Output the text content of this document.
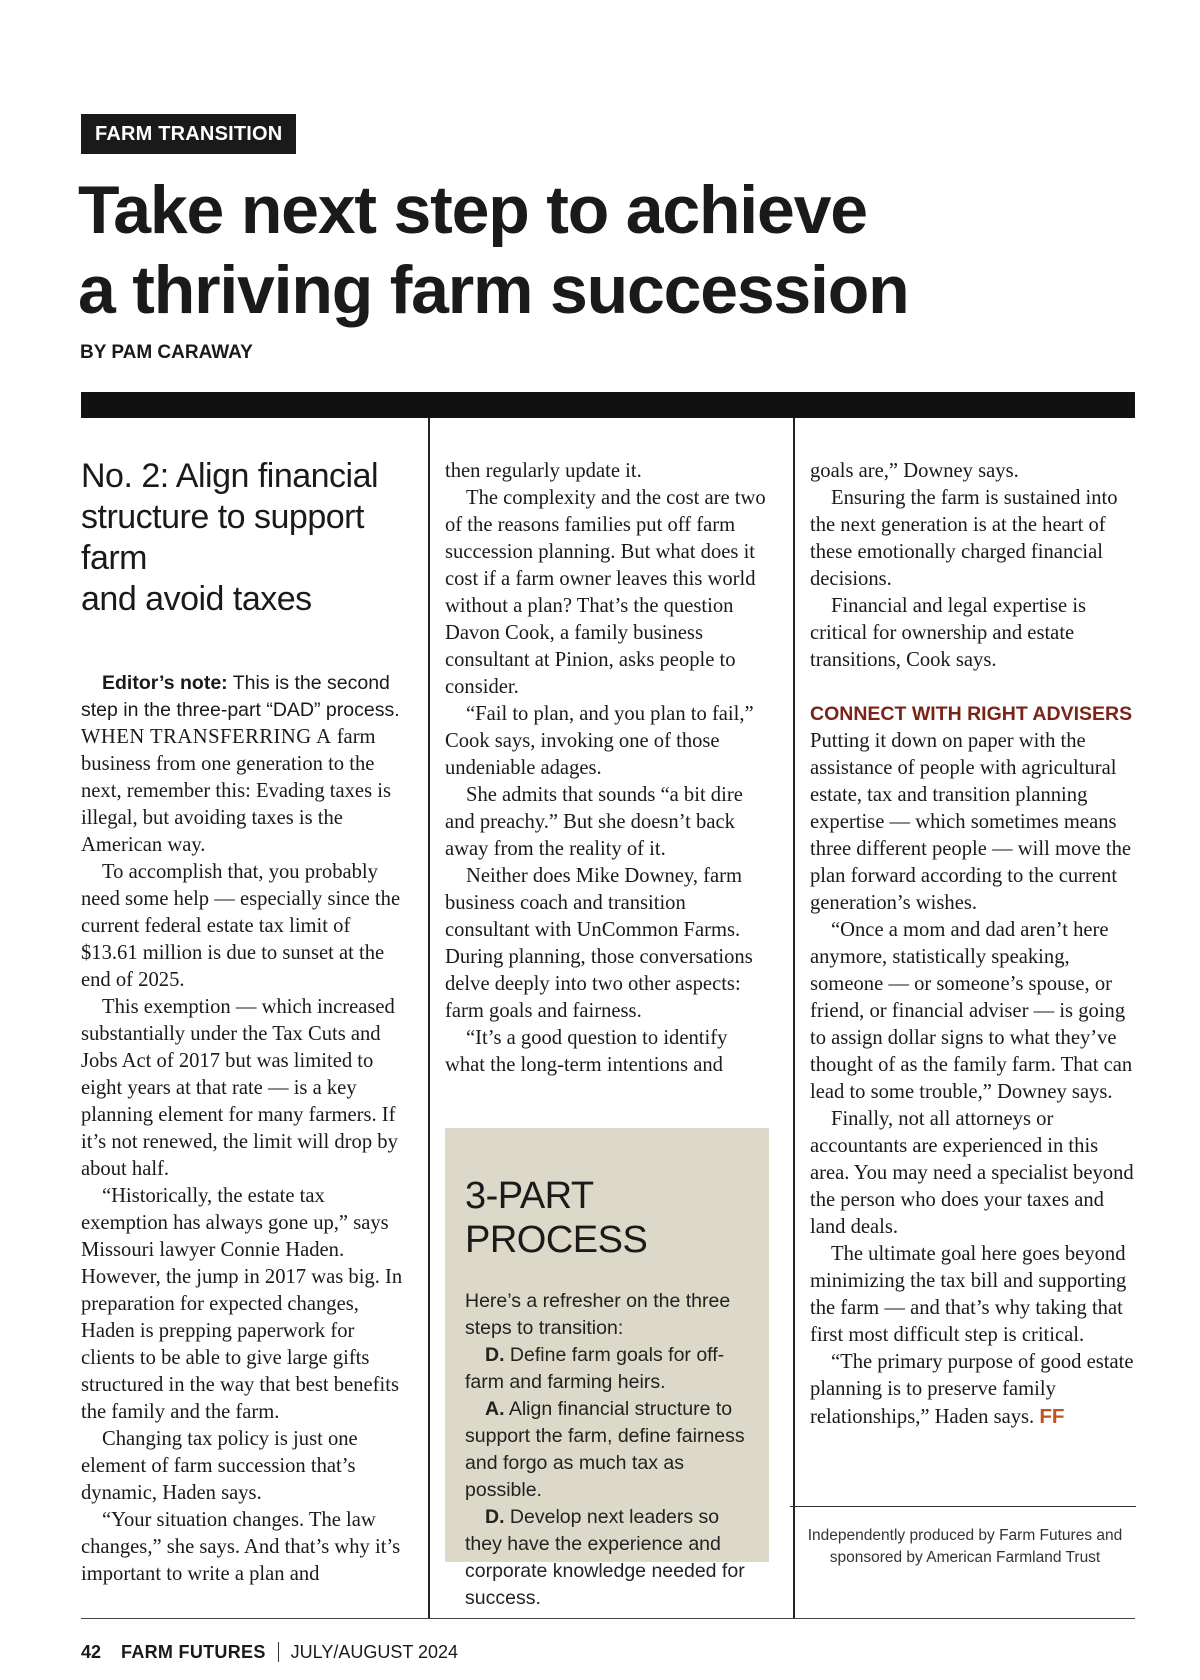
FARM TRANSITION
Take next step to achieve
a thriving farm succession
BY PAM CARAWAY
No. 2: Align financial
structure to support farm
and avoid taxes

Editor’s note: This is the second step in the three-part “DAD” process.

WHEN TRANSFERRING A farm business from one generation to the next, remember this: Evading taxes is illegal, but avoiding taxes is the American way.

To accomplish that, you probably need some help — especially since the current federal estate tax limit of $13.61 million is due to sunset at the end of 2025.

This exemption — which increased substantially under the Tax Cuts and Jobs Act of 2017 but was limited to eight years at that rate — is a key planning element for many farmers. If it’s not renewed, the limit will drop by about half.

“Historically, the estate tax exemption has always gone up,” says Missouri lawyer Connie Haden. However, the jump in 2017 was big. In preparation for expected changes, Haden is prepping paperwork for clients to be able to give large gifts structured in the way that best benefits the family and the farm.

Changing tax policy is just one element of farm succession that’s dynamic, Haden says.

“Your situation changes. The law changes,” she says. And that’s why it’s important to write a plan and

then regularly update it.

The complexity and the cost are two of the reasons families put off farm succession planning. But what does it cost if a farm owner leaves this world without a plan? That’s the question Davon Cook, a family business consultant at Pinion, asks people to consider.

“Fail to plan, and you plan to fail,” Cook says, invoking one of those undeniable adages.

She admits that sounds “a bit dire and preachy.” But she doesn’t back away from the reality of it.

Neither does Mike Downey, farm business coach and transition consultant with UnCommon Farms. During planning, those conversations delve deeply into two other aspects: farm goals and fairness.

“It’s a good question to identify what the long-term intentions and

3-PART PROCESS

Here’s a refresher on the three steps to transition:

D. Define farm goals for off-farm and farming heirs.

A. Align financial structure to support the farm, define fairness and forgo as much tax as possible.

D. Develop next leaders so they have the experience and corporate knowledge needed for success.

goals are,” Downey says.

Ensuring the farm is sustained into the next generation is at the heart of these emotionally charged financial decisions.

Financial and legal expertise is critical for ownership and estate transitions, Cook says.

CONNECT WITH RIGHT ADVISERS

Putting it down on paper with the assistance of people with agricultural estate, tax and transition planning expertise — which sometimes means three different people — will move the plan forward according to the current generation’s wishes.

“Once a mom and dad aren’t here anymore, statistically speaking, someone — or someone’s spouse, or friend, or financial adviser — is going to assign dollar signs to what they’ve thought of as the family farm. That can lead to some trouble,” Downey says.

Finally, not all attorneys or accountants are experienced in this area. You may need a specialist beyond the person who does your taxes and land deals.

The ultimate goal here goes beyond minimizing the tax bill and supporting the farm — and that’s why taking that first most difficult step is critical.

“The primary purpose of good estate planning is to preserve family relationships,” Haden says. FF

Independently produced by Farm Futures and
sponsored by American Farmland Trust
42 FARM FUTURES JULY/AUGUST 2024
